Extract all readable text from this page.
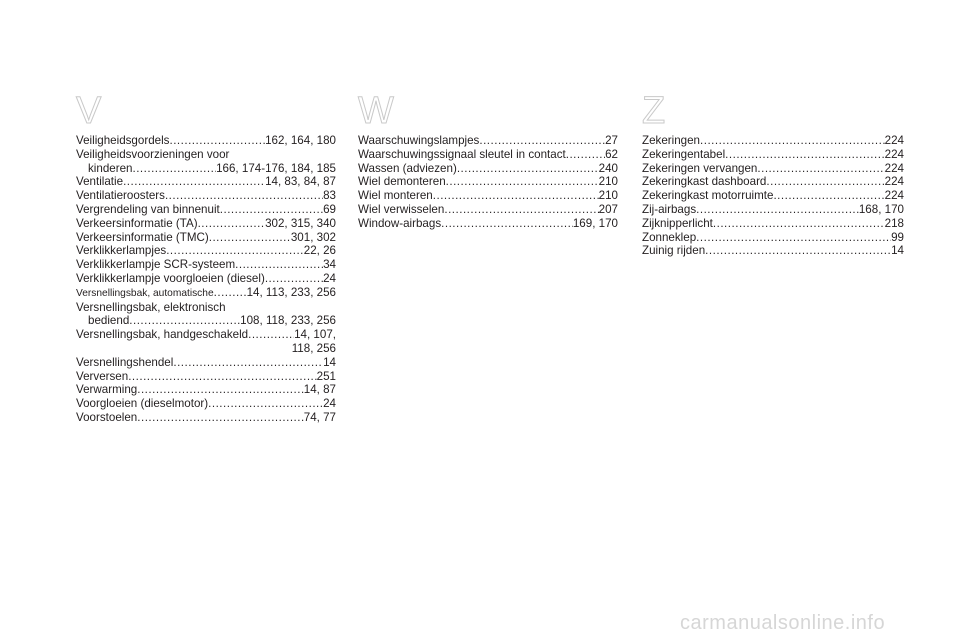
V
Veiligheidsgordels .....	162, 164, 180
Veiligheidsvoorzieningen voor
kinderen .....	166, 174-176, 184, 185
Ventilatie .....	14, 83, 84, 87
Ventilatieroosters .....	83
Vergrendeling van binnenuit .....	69
Verkeersinformatie (TA) .....	302, 315, 340
Verkeersinformatie (TMC) .....	301, 302
Verklikkerlampjes .....	22, 26
Verklikkerlampje SCR-systeem .....	34
Verklikkerlampje voorgloeien (diesel) .....	24
Versnellingsbak, automatische .....	14, 113, 233, 256
Versnellingsbak, elektronisch
bediend .....	108, 118, 233, 256
Versnellingsbak, handgeschakeld .....	14, 107,
118, 256
Versnellingshendel .....	14
Verversen .....	251
Verwarming .....	14, 87
Voorgloeien (dieselmotor) .....	24
Voorstoelen .....	74, 77
W
Waarschuwingslampjes .....	27
Waarschuwingssignaal sleutel in contact .....	62
Wassen (adviezen) .....	240
Wiel demonteren .....	210
Wiel monteren .....	210
Wiel verwisselen .....	207
Window-airbags .....	169, 170
Z
Zekeringen .....	224
Zekeringentabel .....	224
Zekeringen vervangen .....	224
Zekeringkast dashboard .....	224
Zekeringkast motorruimte .....	224
Zij-airbags .....	168, 170
Zijknipperlicht .....	218
Zonneklep .....	99
Zuinig rijden .....	14
carmanualsonline.info
